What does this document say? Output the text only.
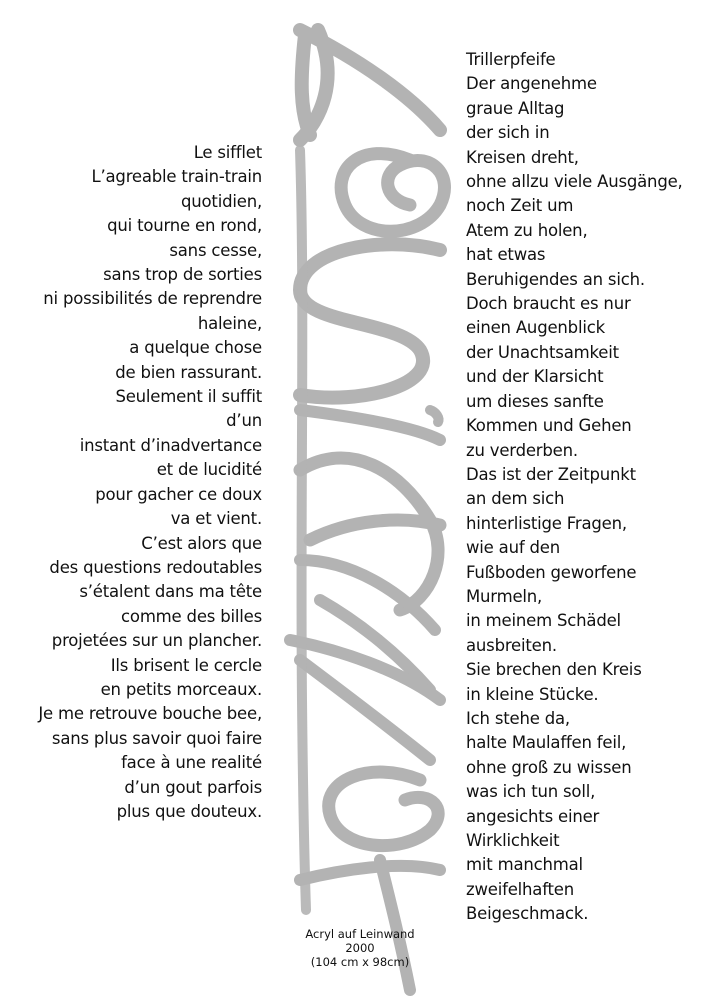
Le sifflet
L’agreable train-train
quotidien,
qui tourne en rond,
sans cesse,
sans trop de sorties
ni possibilités de reprendre
haleine,
a quelque chose
de bien rassurant.
Seulement il suffit
d’un
instant d’inadvertance
et de lucidité
pour gacher ce doux
va et vient.
C’est alors que
des questions redoutables
s’étalent dans ma tête
comme des billes
projetées sur un plancher.
Ils brisent le cercle
en petits morceaux.
Je me retrouve bouche bee,
sans plus savoir quoi faire
face à une realité
d’un gout parfois
plus que douteux.
Trillerpfeife
Der angenehme
graue Alltag
der sich in
Kreisen dreht,
ohne allzu viele Ausgänge,
noch Zeit um
Atem zu holen,
hat etwas
Beruhigendes an sich.
Doch braucht es nur
einen Augenblick
der Unachtsamkeit
und der Klarsicht
um dieses sanfte
Kommen und Gehen
zu verderben.
Das ist der Zeitpunkt
an dem sich
hinterlistige Fragen,
wie auf den
Fußboden geworfene
Murmeln,
in meinem Schädel
ausbreiten.
Sie brechen den Kreis
in kleine Stücke.
Ich stehe da,
halte Maulaffen feil,
ohne groß zu wissen
was ich tun soll,
angesichts einer
Wirklichkeit
mit manchmal
zweifelhaften
Beigeschmack.
Acryl auf Leinwand
2000
(104 cm x 98cm)
